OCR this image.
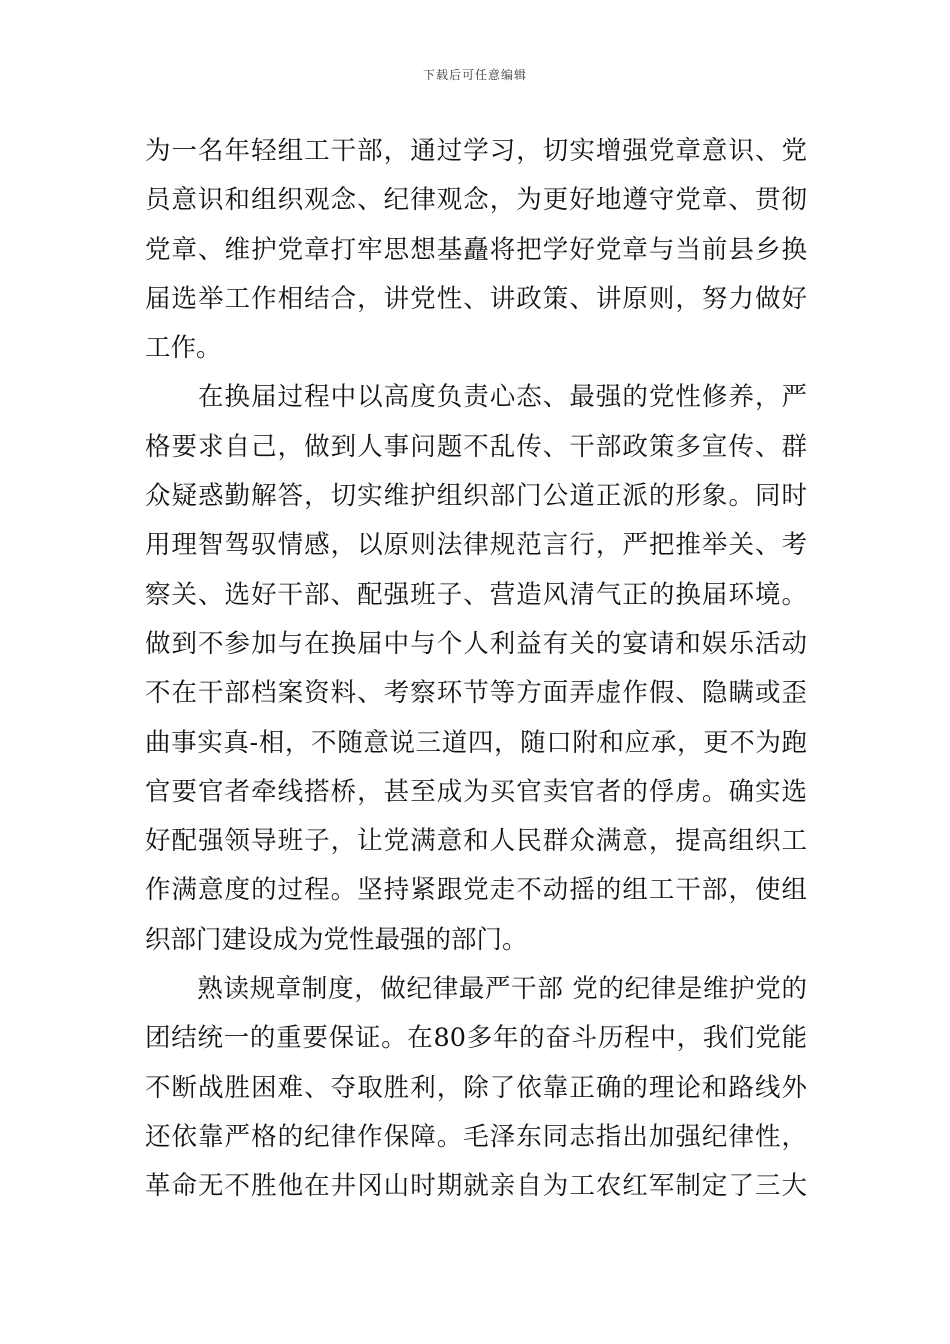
下载后可任意编辑
为一名年轻组工干部，通过学习，切实增强党章意识、党
员意识和组织观念、纪律观念，为更好地遵守党章、贯彻
党章、维护党章打牢思想基矗将把学好党章与当前县乡换
届选举工作相结合，讲党性、讲政策、讲原则，努力做好
工作。
　　在换届过程中以高度负责心态、最强的党性修养，严
格要求自己，做到人事问题不乱传、干部政策多宣传、群
众疑惑勤解答，切实维护组织部门公道正派的形象。同时
用理智驾驭情感，以原则法律规范言行，严把推举关、考
察关、选好干部、配强班子、营造风清气正的换届环境。
做到不参加与在换届中与个人利益有关的宴请和娱乐活动
不在干部档案资料、考察环节等方面弄虚作假、隐瞒或歪
曲事实真-相，不随意说三道四，随口附和应承，更不为跑
官要官者牵线搭桥，甚至成为买官卖官者的俘虏。确实选
好配强领导班子，让党满意和人民群众满意，提高组织工
作满意度的过程。坚持紧跟党走不动摇的组工干部，使组
织部门建设成为党性最强的部门。
　　熟读规章制度，做纪律最严干部 党的纪律是维护党的
团结统一的重要保证。在80多年的奋斗历程中，我们党能
不断战胜困难、夺取胜利，除了依靠正确的理论和路线外
还依靠严格的纪律作保障。毛泽东同志指出加强纪律性，
革命无不胜他在井冈山时期就亲自为工农红军制定了三大
